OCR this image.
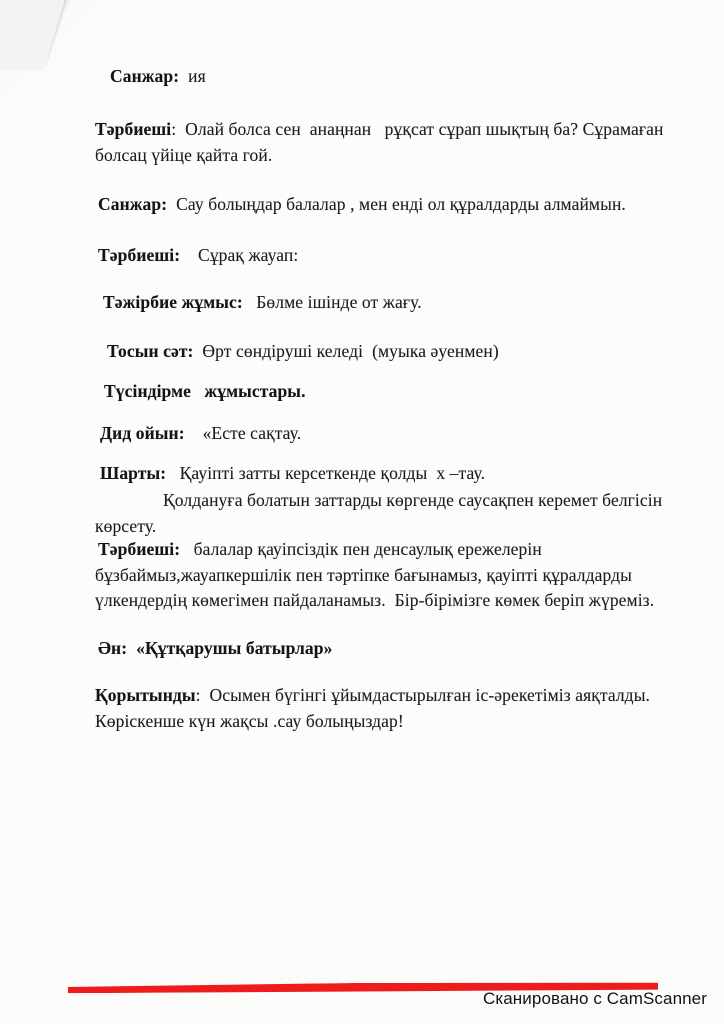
Санжар:  ия
Тәрбиеші:  Олай болса сен  анаңнан   рұқсат сұрап шықтың ба? Сұрамаған
болсац үйіце қайта гой.
Санжар:  Сау болыңдар балалар , мен енді ол құралдарды алмаймын.
Тәрбиеші:    Сұрақ жауап:
Тәжірбие жұмыс:   Бөлме ішінде от жағу.
Тосын сәт:  Өрт сөндіруші келеді  (муыка әуенмен)
Түсіндірме   жұмыстары.
Дид ойын:    «Есте сақтау.
Шарты:   Қауіпті затты керсеткенде қолды  х –тау.
Қолдануға болатын заттарды көргенде саусақпен керемет белгісін
көрсету.
Тәрбиеші:   балалар қауіпсіздік пен денсаулық ережелерін
бұзбаймыз,жауапкершілік пен тәртіпке бағынамыз, қауіпті құралдарды
үлкендердің көмегімен пайдаланамыз.  Бір-бірімізге көмек беріп жүреміз.
Ән:  «Құтқарушы батырлар»
Қорытынды:  Осымен бүгінгі ұйымдастырылған іс-әрекетіміз аяқталды.
Көріскенше күн жақсы .сау болыңыздар!
Сканировано с CamScanner
